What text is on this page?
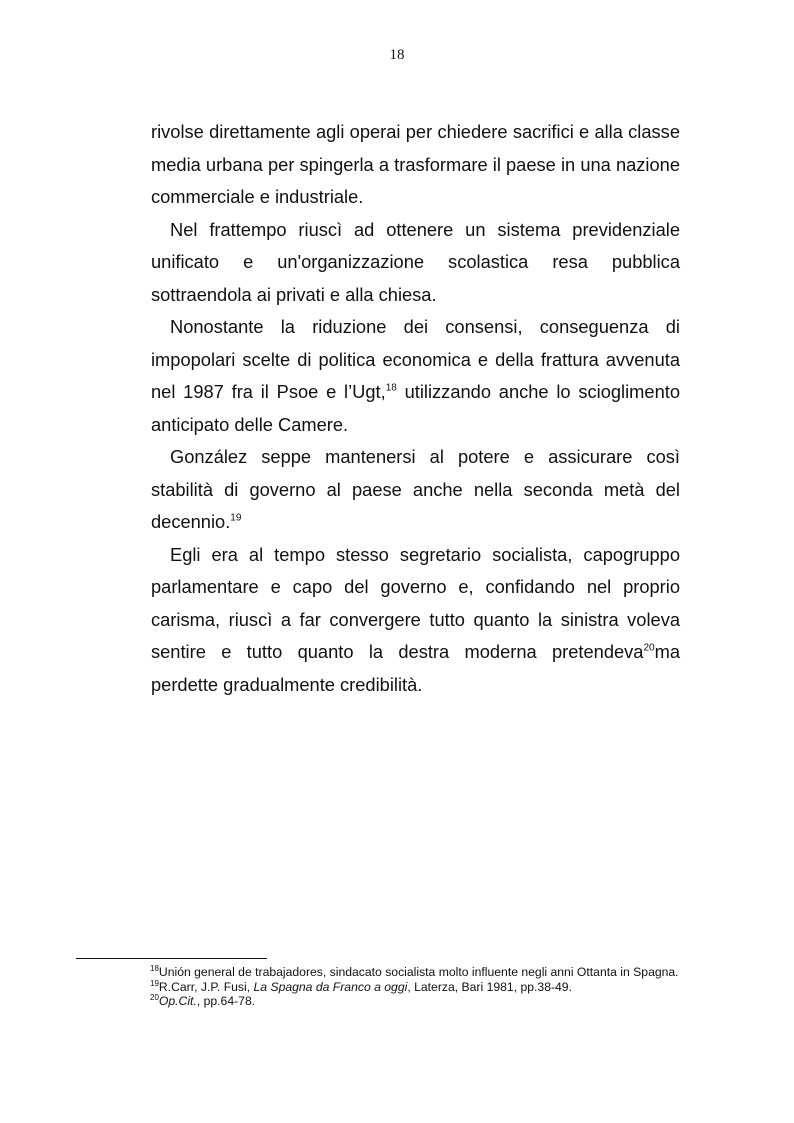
18

rivolse direttamente agli operai per chiedere sacrifici e alla classe media urbana per spingerla a trasformare il paese in una nazione commerciale e industriale.

Nel frattempo riuscì ad ottenere un sistema previdenziale unificato e un'organizzazione scolastica resa pubblica sottraendola ai privati e alla chiesa.

Nonostante la riduzione dei consensi, conseguenza di impopolari scelte di politica economica e della frattura avvenuta nel 1987 fra il Psoe e l’Ugt,$^{18}$ utilizzando anche lo scioglimento anticipato delle Camere.

González seppe mantenersi al potere e assicurare così stabilità di governo al paese anche nella seconda metà del decennio.$^{19}$

Egli era al tempo stesso segretario socialista, capogruppo parlamentare e capo del governo e, confidando nel proprio carisma, riuscì a far convergere tutto quanto la sinistra voleva sentire e tutto quanto la destra moderna pretendeva$^{20}$ma perdette gradualmente credibilità.

$^{18}$Unión general de trabajadores, sindacato socialista molto influente negli anni Ottanta in Spagna.

$^{19}$R.Carr, J.P. Fusi, La Spagna da Franco a oggi, Laterza, Bari 1981, pp.38-49.

$^{20}$Op.Cit., pp.64-78.
